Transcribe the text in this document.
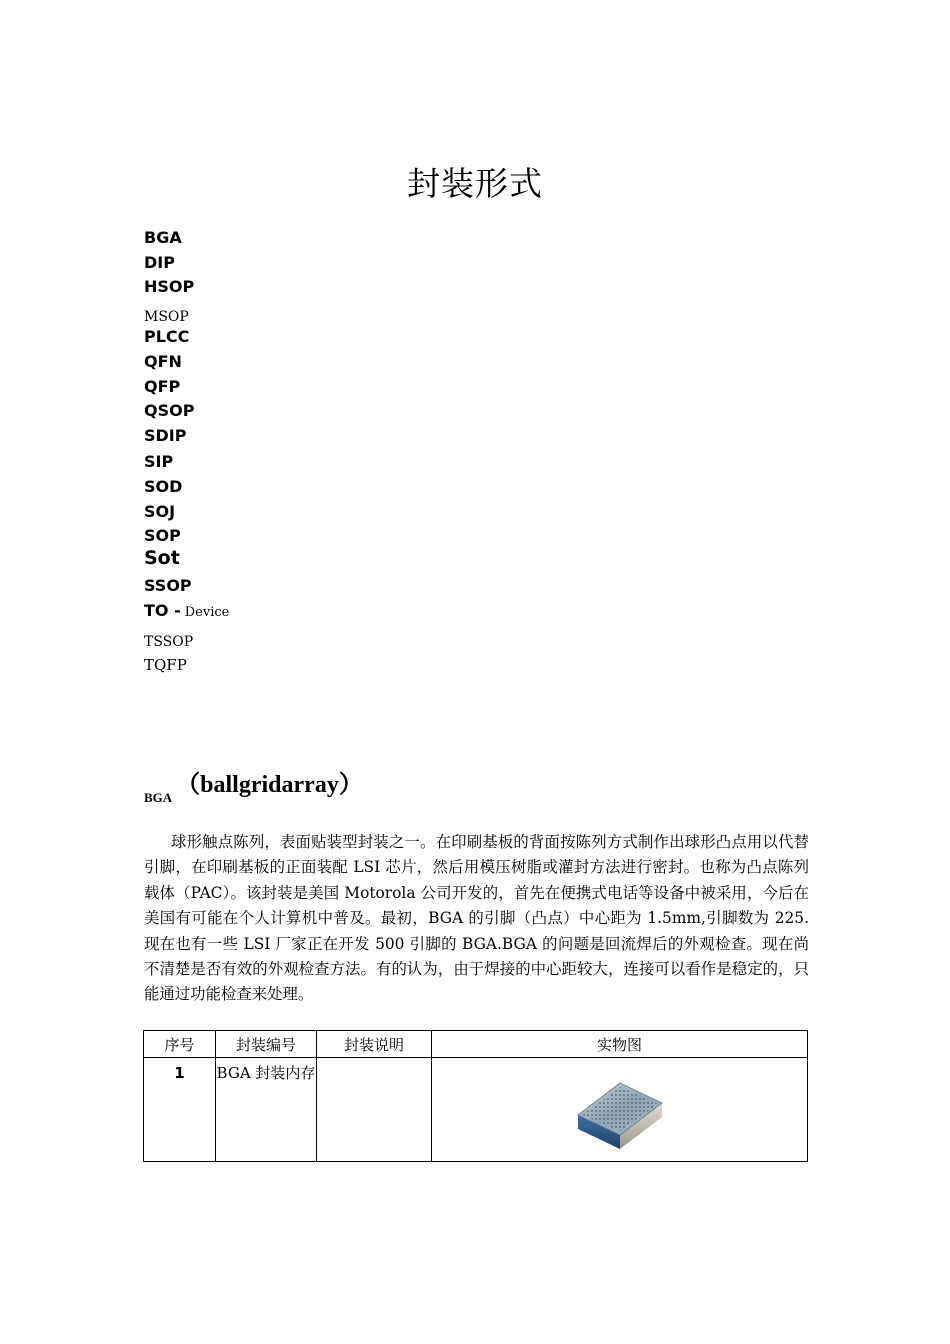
封装形式
BGA
DIP
HSOP
MSOP
PLCC
QFN
QFP
QSOP
SDIP
SIP
SOD
SOJ
SOP
Sot
SSOP
TO - Device
TSSOP
TQFP
$_{BGA}$ （ballgridarray）

球形触点陈列，表面贴装型封装之一。在印刷基板的背面按陈列方式制作出球形凸点用以代替引脚，在印刷基板的正面装配 LSI 芯片，然后用模压树脂或灌封方法进行密封。也称为凸点陈列载体（PAC）。该封装是美国 Motorola 公司开发的，首先在便携式电话等设备中被采用，今后在美国有可能在个人计算机中普及。最初，BGA 的引脚（凸点）中心距为 1.5mm,引脚数为 225.现在也有一些 LSI 厂家正在开发 500 引脚的 BGA.BGA 的问题是回流焊后的外观检查。现在尚不清楚是否有效的外观检查方法。有的认为，由于焊接的中心距较大，连接可以看作是稳定的，只能通过功能检查来处理。

序号	封装编号	封装说明	实物图
1	BGA 封装内存		
